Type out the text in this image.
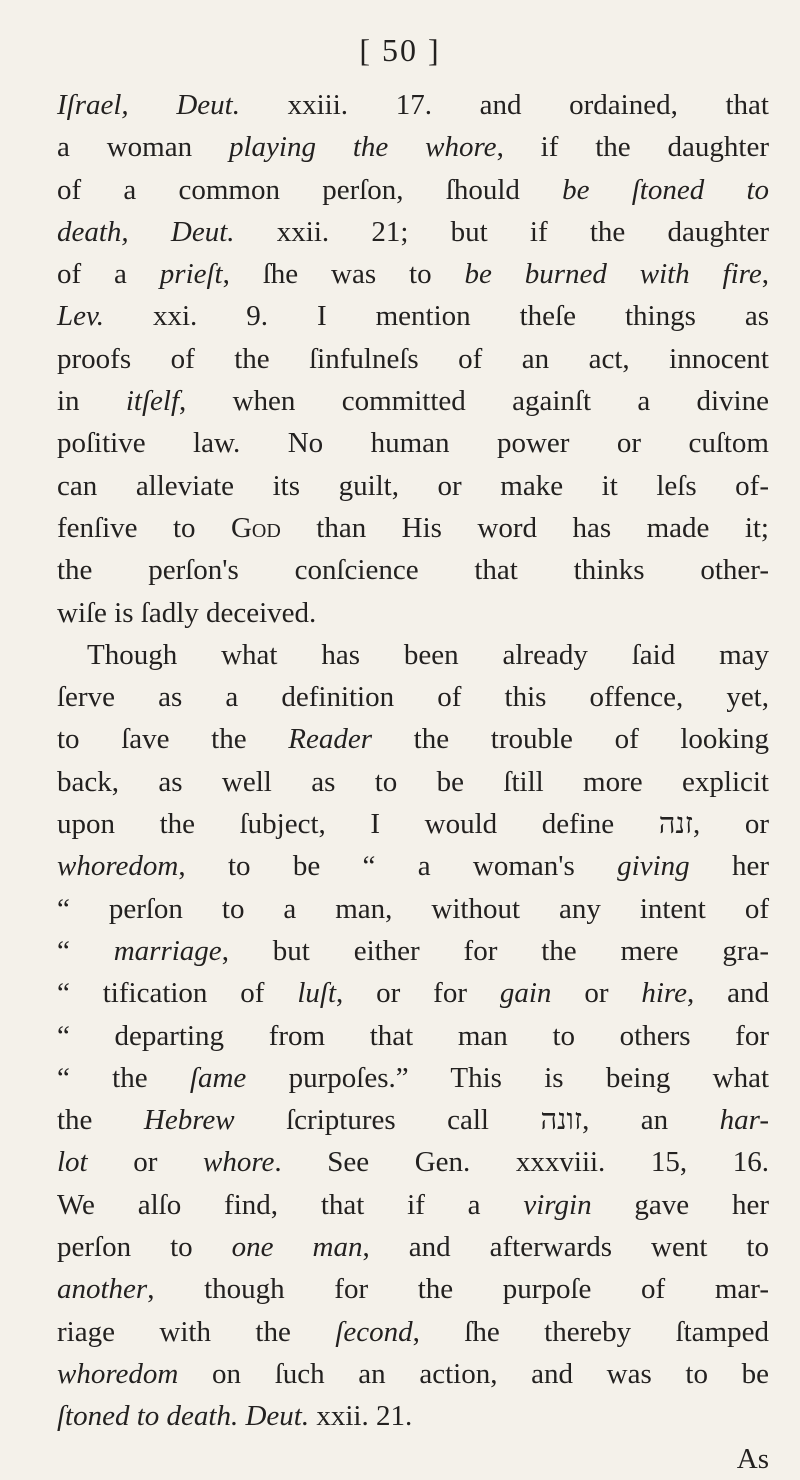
[ 50 ]
Iſrael, Deut. xxiii. 17. and ordained, that
a woman playing the whore, if the daughter
of a common perſon, ſhould be ſtoned to
death, Deut. xxii. 21; but if the daughter
of a prieſt, ſhe was to be burned with fire,
Lev. xxi. 9. I mention theſe things as
proofs of the ſinfulneſs of an act, innocent
in itſelf, when committed againſt a divine
poſitive law. No human power or cuſtom
can alleviate its guilt, or make it leſs of-
fenſive to God than His word has made it;
the perſon's conſcience that thinks other-
wiſe is ſadly deceived.
Though what has been already ſaid may
ſerve as a definition of this offence, yet,
to ſave the Reader the trouble of looking
back, as well as to be ſtill more explicit
upon the ſubject, I would define זנה, or
whoredom, to be “ a woman's giving her
“ perſon to a man, without any intent of
“ marriage, but either for the mere gra-
“ tification of luſt, or for gain or hire, and
“ departing from that man to others for
“ the ſame purpoſes.” This is being what
the Hebrew ſcriptures call זונה, an har-
lot or whore. See Gen. xxxviii. 15, 16.
We alſo find, that if a virgin gave her
perſon to one man, and afterwards went to
another, though for the purpoſe of mar-
riage with the ſecond, ſhe thereby ſtamped
whoredom on ſuch an action, and was to be
ſtoned to death. Deut. xxii. 21.
As
